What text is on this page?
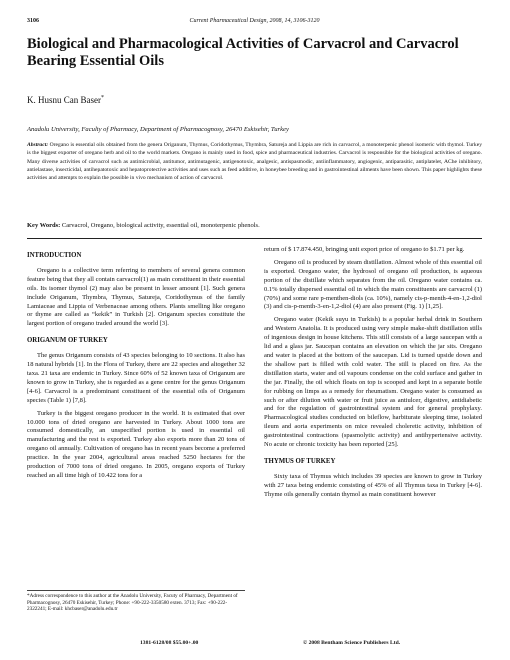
3106	Current Pharmaceutical Design, 2008, 14, 3106-3120
Biological and Pharmacological Activities of Carvacrol and Carvacrol Bearing Essential Oils
K. Husnu Can Baser*
Anadolu University, Faculty of Pharmacy, Department of Pharmacognosy, 26470 Eskisehir, Turkey
Abstract: Oregano is essential oils obtained from the genera Origanum, Thymus, Coridothymus, Thymbra, Satureja and Lippia are rich in carvacrol, a monoterpenic phenol isomeric with thymol. Turkey is the biggest exporter of oregano herb and oil to the world markets. Oregano is mainly used in food, spice and pharmaceutical industries. Carvacrol is responsible for the biological activities of oregano. Many diverse activities of carvacrol such as antimicrobial, antitumor, antimutagenic, antigenotoxic, analgesic, antispasmodic, antiinflammatory, angiogenic, antiparasitic, antiplatelet, AChe inhibitory, antielastase, insecticidal, antihepatotoxic and hepatoprotective activities and uses such as feed additive, in honeybee breeding and in gastrointestinal ailments have been shown. This paper highlights these activities and attempts to explain the possible in vivo mechanism of action of carvacrol.
Key Words: Carvacrol, Oregano, biological activity, essential oil, monoterpenic phenols.
INTRODUCTION

Oregano is a collective term referring to members of several genera common feature being that they all contain carvacrol(1) as main constituent in their essential oils. Its isomer thymol (2) may also be present in lesser amount [1]. Such genera include Origanum, Thymbra, Thymus, Satureja, Coridothymus of the family Lamiaceae and Lippia of Verbenaceae among others. Plants smelling like oregano or thyme are called as “kekik” in Turkish [2]. Origanum species constitute the largest portion of oregano traded around the world [3].

ORIGANUM OF TURKEY

The genus Origanum consists of 43 species belonging to 10 sections. It also has 18 natural hybrids [1]. In the Flora of Turkey, there are 22 species and altogether 32 taxa. 21 taxa are endemic in Turkey. Since 60% of 52 known taxa of Origanum are known to grow in Turkey, she is regarded as a gene centre for the genus Origanum [4-6]. Carvacrol is a predominant constituent of the essential oils of Origanum species (Table 1) [7,8].

Turkey is the biggest oregano producer in the world. It is estimated that over 10.000 tons of dried oregano are harvested in Turkey. About 1000 tons are consumed domestically, an unspecified portion is used in essential oil manufacturing and the rest is exported. Turkey also exports more than 20 tons of oregano oil annually. Cultivation of oregano has in recent years become a preferred practice. In the year 2004, agricultural areas reached 5250 hectares for the production of 7000 tons of dried oregano. In 2005, oregano exports of Turkey reached an all time high of 10.422 tons for a

return of $ 17.874.450, bringing unit export price of oregano to $1.71 per kg.

Oregano oil is produced by steam distillation. Almost whole of this essential oil is exported. Oregano water, the hydrosol of oregano oil production, is aqueous portion of the distillate which separates from the oil. Oregano water contains ca. 0.1% totally dispersed essential oil in which the main constituents are carvacrol (1) (70%) and some rare p-menthen-diols (ca. 10%), namely cis-p-menth-4-en-1,2-diol (3) and cis-p-menth-3-en-1,2-diol (4) are also present (Fig. 1) [1,25].

Oregano water (Kekik suyu in Turkish) is a popular herbal drink in Southern and Western Anatolia. It is produced using very simple make-shift distillation stills of ingenious design in house kitchens. This still consists of a large saucepan with a lid and a glass jar. Saucepan contains an elevation on which the jar sits. Oregano and water is placed at the bottom of the saucepan. Lid is turned upside down and the shallow part is filled with cold water. The still is placed on fire. As the distillation starts, water and oil vapours condense on the cold surface and gather in the jar. Finally, the oil which floats on top is scooped and kept in a separate bottle for rubbing on limps as a remedy for rheumatism. Oregano water is consumed as such or after dilution with water or fruit juice as antiulcer, digestive, antidiabetic and for the regulation of gastrointestinal system and for general prophylaxy. Pharmacological studies conducted on bileflow, harbiturate sleeping time, isolated ileum and aorta experiments on mice revealed choleretic activity, inhibition of gastrointestinal contractions (spasmolytic activity) and antihypertensive activity. No acute or chronic toxicity has been reported [25].

THYMUS OF TURKEY

Sixty taxa of Thymus which includes 39 species are known to grow in Turkey with 27 taxa being endemic consisting of 45% of all Thymus taxa in Turkey [4-6]. Thyme oils generally contain thymol as main constituent however

*Adress correspondence to this author at the Anadolu University, Facuty of Pharmacy, Department of Pharmacognosy, 26470 Eskisehir, Turkey; Phone: +90-222-3350580 exten. 3713; Fax: +90-222-2322241; E-mail: khcbaser@anadolu.edu.tr
1381-6128/08 $55.00+.00	© 2008 Bentham Science Publishers Ltd.
